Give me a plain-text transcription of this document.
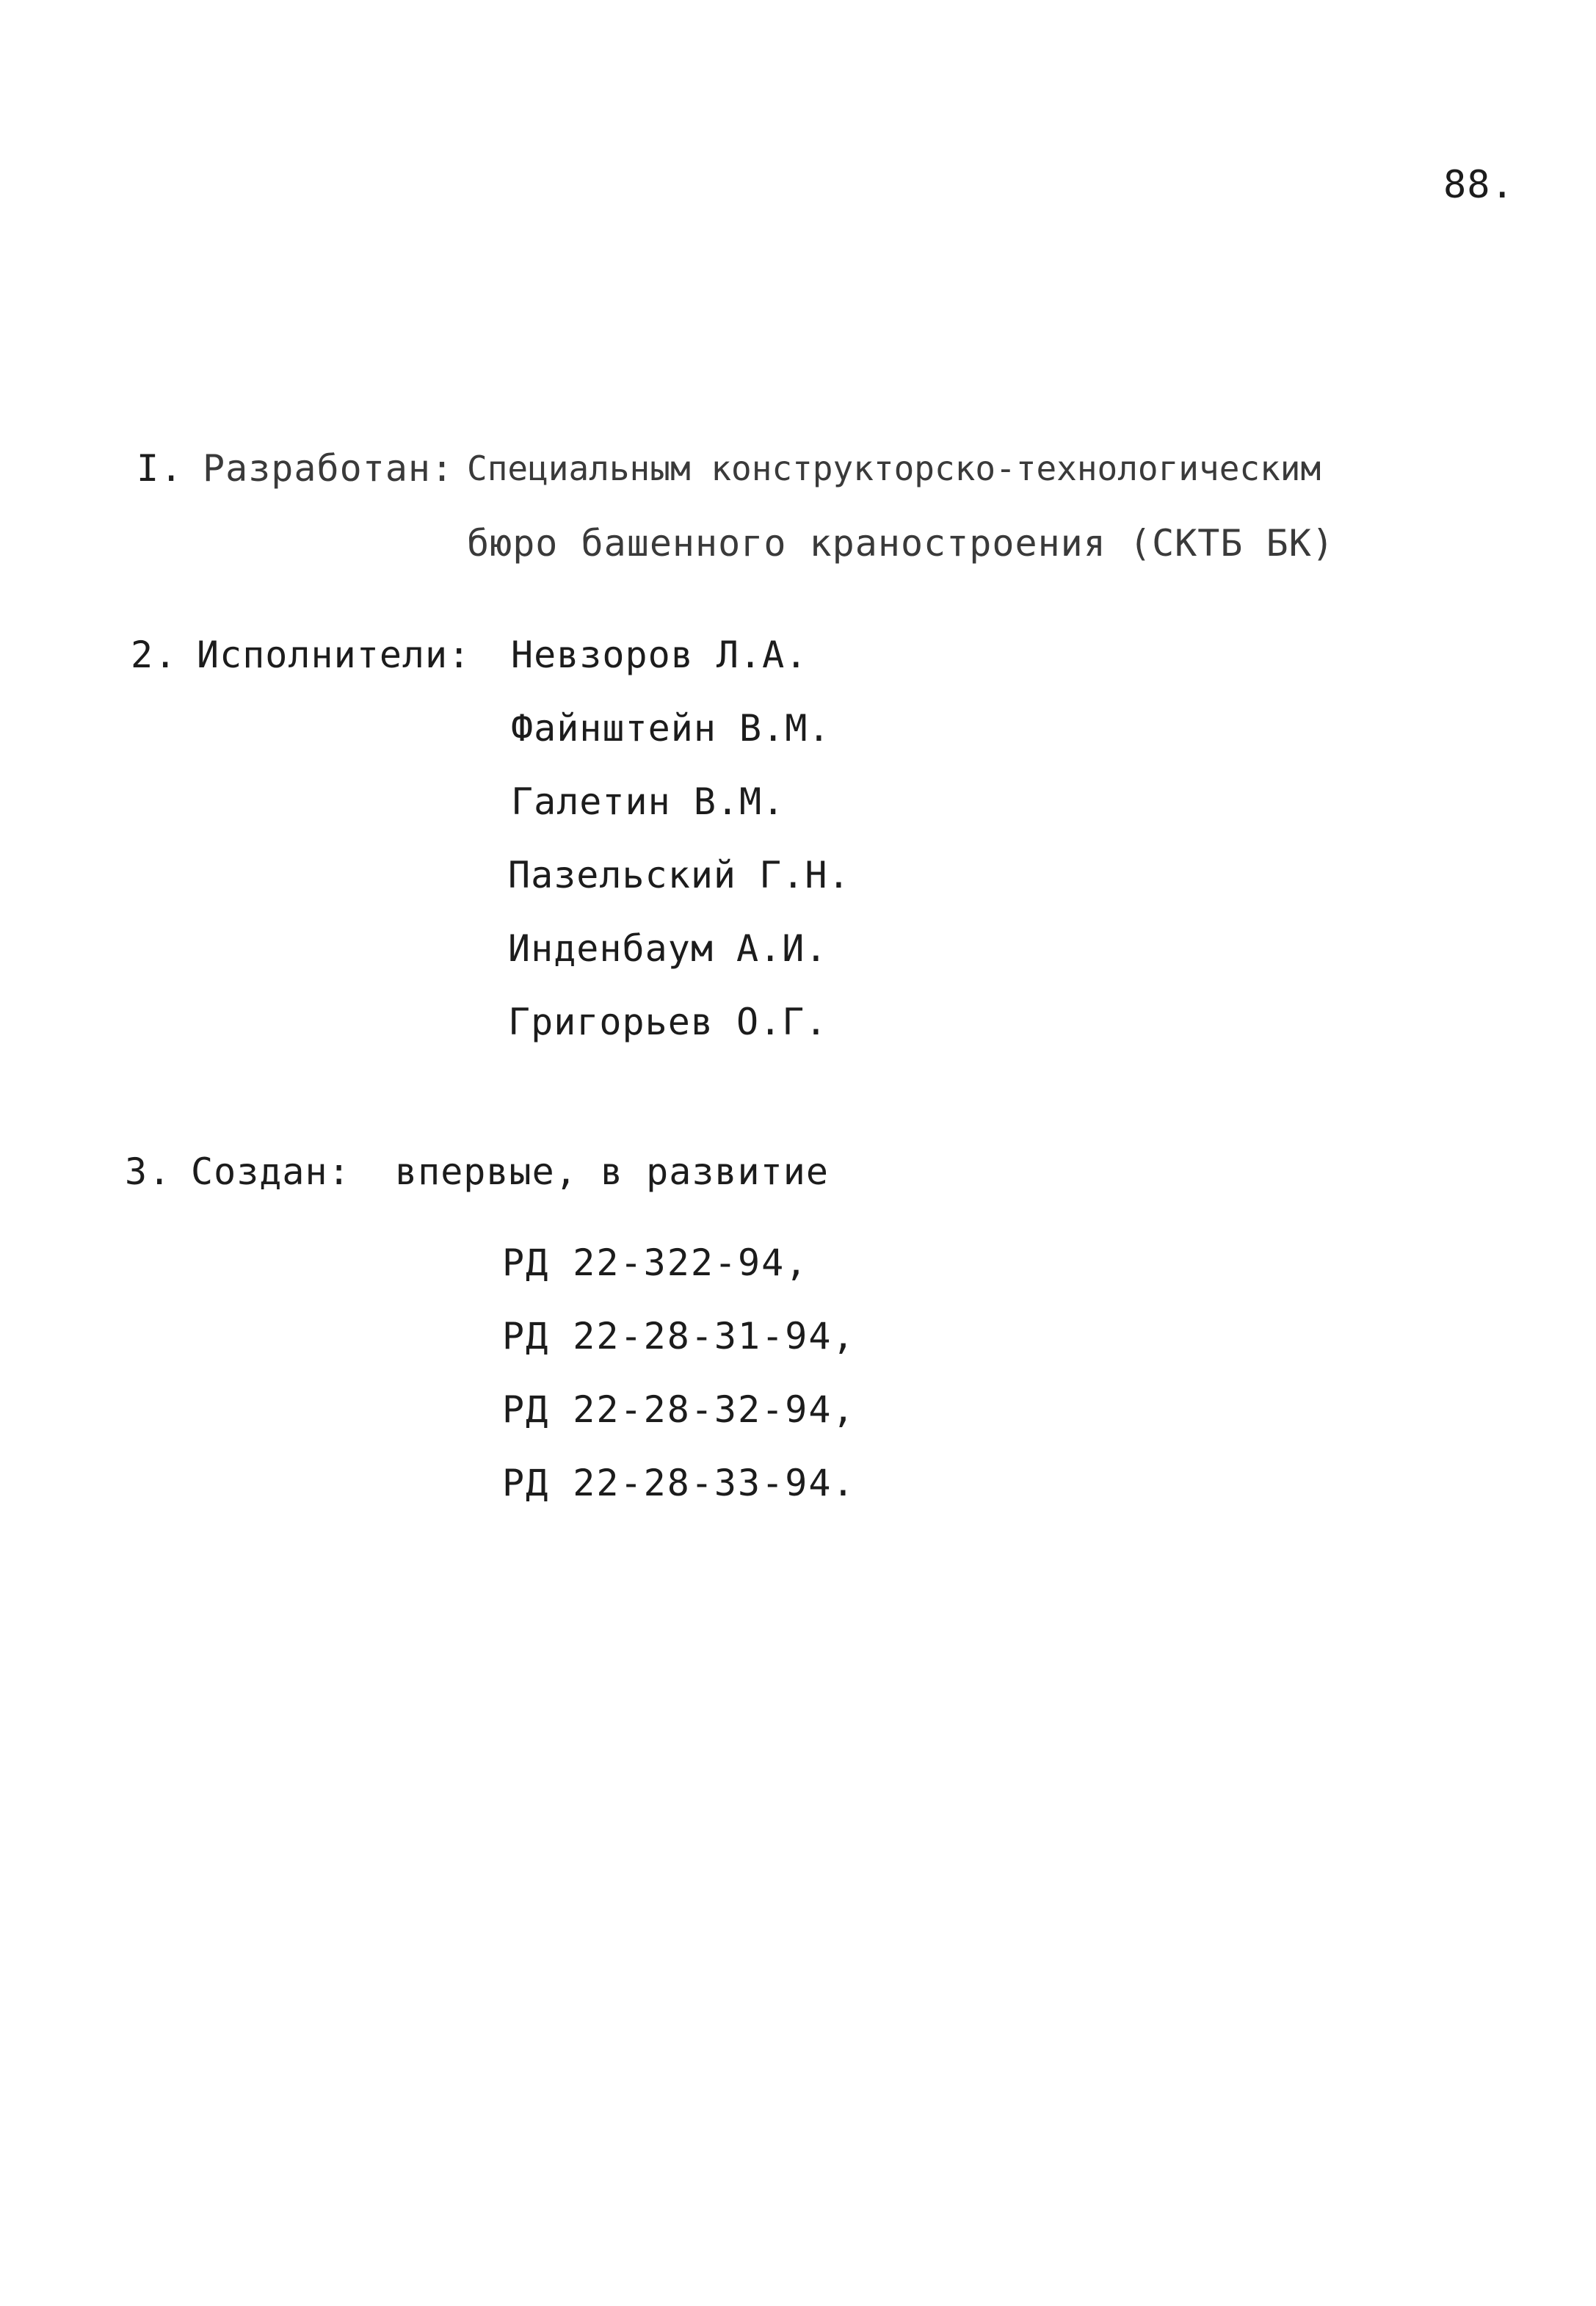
88.
I. Разработан: Специальным конструкторско-технологическим
бюро башенного краностроения (СКТБ БК)
2. Исполнители: Невзоров Л.А.
Файнштейн В.М.
Галетин В.М.
Пазельский Г.Н.
Инденбаум А.И.
Григорьев О.Г.
3. Создан: впервые, в развитие
РД 22-322-94,
РД 22-28-31-94,
РД 22-28-32-94,
РД 22-28-33-94.
